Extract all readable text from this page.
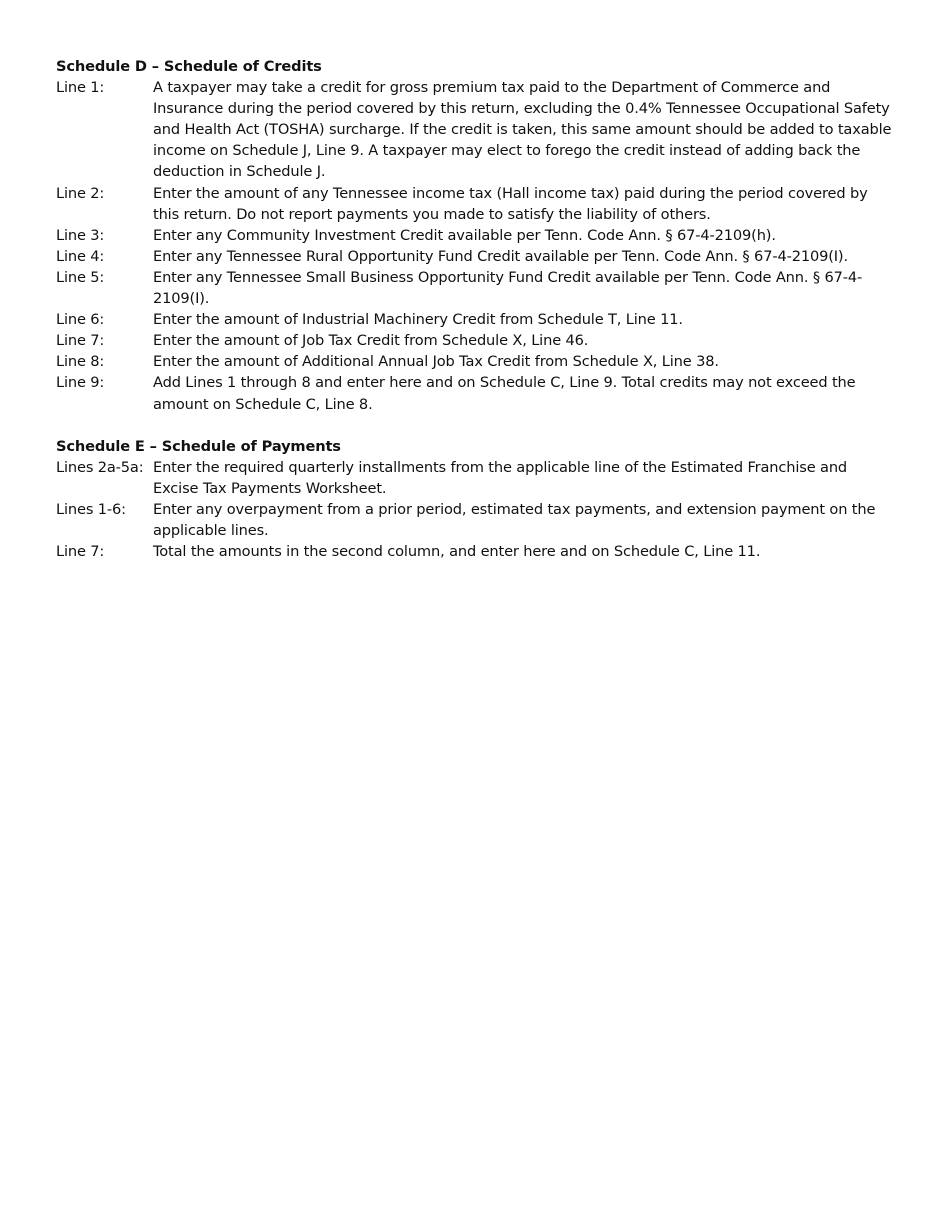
Schedule D – Schedule of Credits
Line 1:	A taxpayer may take a credit for gross premium tax paid to the Department of Commerce and Insurance during the period covered by this return, excluding the 0.4% Tennessee Occupational Safety and Health Act (TOSHA) surcharge. If the credit is taken, this same amount should be added to taxable income on Schedule J, Line 9. A taxpayer may elect to forego the credit instead of adding back the deduction in Schedule J.
Line 2:	Enter the amount of any Tennessee income tax (Hall income tax) paid during the period covered by this return. Do not report payments you made to satisfy the liability of others.
Line 3:	Enter any Community Investment Credit available per Tenn. Code Ann. § 67-4-2109(h).
Line 4:	Enter any Tennessee Rural Opportunity Fund Credit available per Tenn. Code Ann. § 67-4-2109(I).
Line 5:	Enter any Tennessee Small Business Opportunity Fund Credit available per Tenn. Code Ann. § 67-4-2109(I).
Line 6:	Enter the amount of Industrial Machinery Credit from Schedule T, Line 11.
Line 7:	Enter the amount of Job Tax Credit from Schedule X, Line 46.
Line 8:	Enter the amount of Additional Annual Job Tax Credit from Schedule X, Line 38.
Line 9:	Add Lines 1 through 8 and enter here and on Schedule C, Line 9. Total credits may not exceed the amount on Schedule C, Line 8.
Schedule E – Schedule of Payments
Lines 2a-5a: Enter the required quarterly installments from the applicable line of the Estimated Franchise and Excise Tax Payments Worksheet.
Lines 1-6:	Enter any overpayment from a prior period, estimated tax payments, and extension payment on the applicable lines.
Line 7:	Total the amounts in the second column, and enter here and on Schedule C, Line 11.
